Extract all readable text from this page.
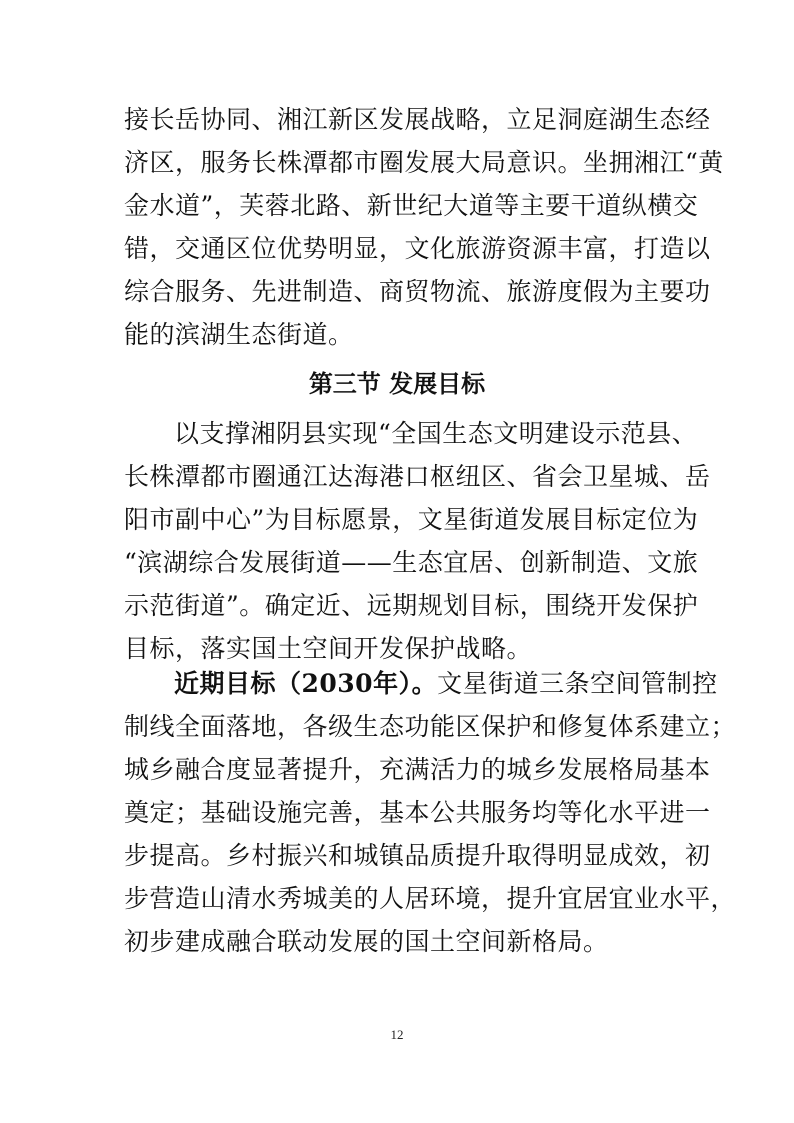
接长岳协同、湘江新区发展战略，立足洞庭湖生态经
济区，服务长株潭都市圈发展大局意识。坐拥湘江“黄
金水道”，芙蓉北路、新世纪大道等主要干道纵横交
错，交通区位优势明显，文化旅游资源丰富，打造以
综合服务、先进制造、商贸物流、旅游度假为主要功
能的滨湖生态街道。
第三节 发展目标
以支撑湘阴县实现“全国生态文明建设示范县、
长株潭都市圈通江达海港口枢纽区、省会卫星城、岳
阳市副中心”为目标愿景，文星街道发展目标定位为
“滨湖综合发展街道——生态宜居、创新制造、文旅
示范街道”。确定近、远期规划目标，围绕开发保护
目标，落实国土空间开发保护战略。
近期目标（2030年）。 文星街道三条空间管制控
制线全面落地，各级生态功能区保护和修复体系建立；
城乡融合度显著提升，充满活力的城乡发展格局基本
奠定；基础设施完善，基本公共服务均等化水平进一
步提高。乡村振兴和城镇品质提升取得明显成效，初
步营造山清水秀城美的人居环境，提升宜居宜业水平，
初步建成融合联动发展的国土空间新格局。
12
